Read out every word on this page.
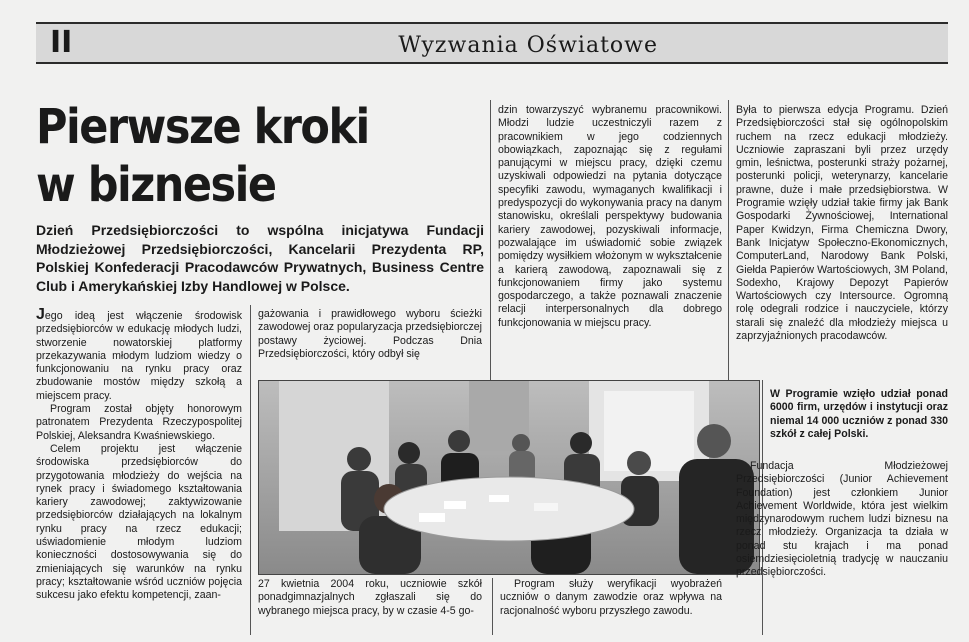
II	Wyzwania Oświatowe
Pierwsze kroki
w biznesie
Dzień Przedsiębiorczości to wspólna inicjatywa Fundacji Młodzieżowej Przedsiębiorczości, Kancelarii Prezydenta RP, Polskiej Konfederacji Pracodawców Prywatnych, Business Centre Club i Amerykańskiej Izby Handlowej w Polsce.

Jego ideą jest włączenie środowisk przedsiębiorców w edukację młodych ludzi, stworzenie nowatorskiej platformy przekazywania młodym ludziom wiedzy o funkcjonowaniu na rynku pracy oraz zbudowanie mostów między szkołą a miejscem pracy.

Program został objęty honorowym patronatem Prezydenta Rzeczypospolitej Polskiej, Aleksandra Kwaśniewskiego.

Celem projektu jest włączenie środowiska przedsiębiorców do przygotowania młodzieży do wejścia na rynek pracy i świadomego kształtowania kariery zawodowej; zaktywizowanie przedsiębiorców działających na lokalnym rynku pracy na rzecz edukacji; uświadomienie młodym ludziom konieczności dostosowywania się do zmieniających się warunków na rynku pracy; kształtowanie wśród uczniów pojęcia sukcesu jako efektu kompetencji, zaan-

gażowania i prawidłowego wyboru ścieżki zawodowej oraz popularyzacja przedsiębiorczej postawy życiowej. Podczas Dnia Przedsiębiorczości, który odbył się

dzin towarzyszyć wybranemu pracownikowi. Młodzi ludzie uczestniczyli razem z pracownikiem w jego codziennych obowiązkach, zapoznając się z regułami panującymi w miejscu pracy, dzięki czemu uzyskiwali odpowiedzi na pytania dotyczące specyfiki zawodu, wymaganych kwalifikacji i predyspozycji do wykonywania pracy na danym stanowisku, określali perspektywy budowania kariery zawodowej, pozyskiwali informacje, pozwalające im uświadomić sobie związek pomiędzy wysiłkiem włożonym w wykształcenie a karierą zawodową, zapoznawali się z funkcjonowaniem firmy jako systemu gospodarczego, a także poznawali znaczenie relacji interpersonalnych dla dobrego funkcjonowania w miejscu pracy.

Była to pierwsza edycja Programu. Dzień Przedsiębiorczości stał się ogólnopolskim ruchem na rzecz edukacji młodzieży. Uczniowie zapraszani byli przez urzędy gmin, leśnictwa, posterunki straży pożarnej, posterunki policji, weterynarzy, kancelarie prawne, duże i małe przedsiębiorstwa. W Programie wzięły udział takie firmy jak Bank Gospodarki Żywnościowej, International Paper Kwidzyn, Firma Chemiczna Dwory, Bank Inicjatyw Społeczno-Ekonomicznych, ComputerLand, Narodowy Bank Polski, Giełda Papierów Wartościowych, 3M Poland, Sodexho, Krajowy Depozyt Papierów Wartościowych czy Intersource. Ogromną rolę odegrali rodzice i nauczyciele, którzy starali się znaleźć dla młodzieży miejsca u zaprzyjaźnionych pracodawców.

27 kwietnia 2004 roku, uczniowie szkół ponadgimnazjalnych zgłaszali się do wybranego miejsca pracy, by w czasie 4-5 go-

Program służy weryfikacji wyobrażeń uczniów o danym zawodzie oraz wpływa na racjonalność wyboru przyszłego zawodu.

W Programie wzięło udział ponad 6000 firm, urzędów i instytucji oraz niemal 14 000 uczniów z ponad 330 szkół z całej Polski.

Fundacja Młodzieżowej Przedsiębiorczości (Junior Achievement Foundation) jest członkiem Junior Achievement Worldwide, która jest wielkim międzynarodowym ruchem ludzi biznesu na rzecz młodzieży. Organizacja ta działa w ponad stu krajach i ma ponad osiemdziesięcioletnią tradycję w nauczaniu przedsiębiorczości.
